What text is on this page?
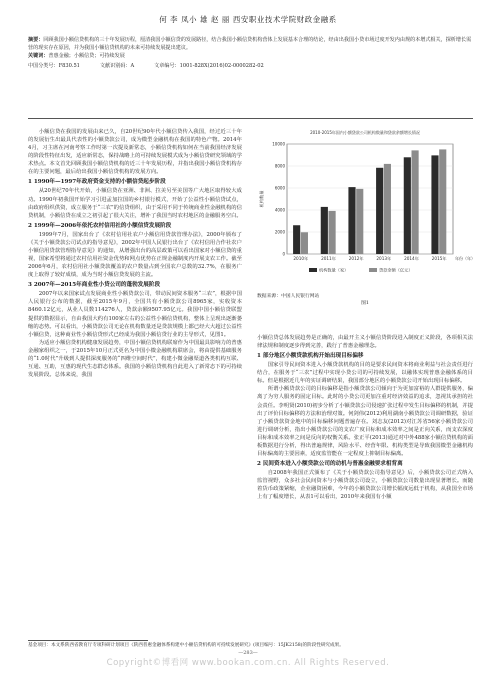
何 李 凤小 雄 赵 丽 西安职业技术学院财政金融系
摘要：回顾我国小额信贷机构的三十年发展历程，厘清我国小额信贷的发展路径，结合我国小额信贷机构营体上发展基本合理的结论，经由出我国小贷市场过度开发内由规的本增式相关，探析增长需营的现实存在原因，并为我国小额信贷机构的未来可持续发展提出建议。
关键词：普惠金融；小额信贷；可持续发展
中国分类号：F830.51	文献识别码：A	文章编号：1001-828X(2016)02-0000282-02

小额信贷在我国的发展由来已久，自20世纪90年代小额信贷传入我国，经过近三十年的发展衍生出最具代表性的小额贷款公司，成为微型金融机构在我国的特色产物。2014年4月，习主席在河南考察工作时第一次提及新常态，小额信贷机构如何在当前我国经济发展的阶段性特征出发，适应新常态，保持战略上的可持续发展模式成为小额信贷研究领域的学术热点。本文首先回顾我国小额信贷机构的近三十年发展历程，并指出我国小额信贷机构存在的主要问题，最后给出我国小额信贷机构的发展方向。

1 1990年—1997年政府资金支持的小额信贷起步阶段

从20世纪70年代开始，小额信贷在亚洲、非洲、拉美另至美国等广大地区取得较大成功。1990年初我国开始学习引进孟加拉国的乡村银行模式，开始了公益性小额信贷试点，由政府组织供资，成立服务于“三农”的信贷组织，由于采用不同于传统商业性金融机构的信贷机制，小额信贷在成立之初引起了很大关注，增补了我国当时农村地区的金融服务空白。

2 1999年—2006年依托农村信用社的小额信贷发展阶段

1999年7月，国家出台了《农村信用社农户小额信用贷款管理办法》，2000年颁布了《关于小额贷款公司试点的指导意见》，2002年中国人民银行出台了《农村信用合作社农户小额信用贷款管理指导意见》的通知，从增强出台的高层政策可以看出国家对小额信贷的重视，国家希望将通过农村信用社资金优势和网点优势在正规金融制度内开展支农工作。截至2006年6月，农村信用社小额贷款覆盖的农户数量占到全国农户总数的32.7%，在服务广度上取得了较好成绩，成为当时小额信贷发展的主流。

3 2007年—2015年商业性小贷公司的蓬勃发展阶段

2007年以来国家试点发展商业性小额贷款公司，带动民间资本服务“三农”，根据中国人民银行公布的数据，截至2015年9月，全国共有小额贷款公司8965家，实收资本8460.12亿元，从业人员数114276人，贷款余额9507.95亿元。我国中国小额信贷联盟提供的数据显示，自由我国大约有100家左右的公益性小额信贷机构，整体上呈现出逐渐萎缩的态势。可以看出，小额贷款公司无论在机构数量还是贷款规模上都已经大大超过公益性小额信贷，这种商业性小额信贷形式已经成为我国小额信贷行业的主导形式，见图1。

为适应小额信贷机构健康发展趋势，中国小额信贷机构联席作为中国最具影响力的普惠金融家组织之一，于2015年10月正式更名为中国小微金融机构联席会，将由提供基础服务的“1.0时代”升级到人提供深度服务的“四维空间时代”，构建小微金融渠道各类机构互联、互通、互助，互惠的现代生态群态体系。我国的小额信贷机构自此进入了新常态下的可持续发展阶段。总体来说，我国

2010-2015年国内小额贷款公司机构数量和贷款余额增长情况
0
2000
4000
6000
8000
10000
机构数量
2010年	2011年	2012年	2013年	2014年	2015年 年份（年）
机构数量（家）	贷款余额（亿元）
数据来源：中国人民银行网站
图1

小额信贷总体发展趋势是正确的，由最开主义小额信贷阶段进入制度正义阶段，各项相关法律法规和制度逐步得到完善，践行了普惠金融理念。

1 部分地区小额贷款机构开始出现目标偏移

国家引导民间资本进入小额贷款机构的目的是要求民间资本将商业利益与社会责任进行结合，在服务于“三农”过程中实现小贷公司的可持续发展，以融体实现普惠金融体系的目标。但是根据近几年的实证调研结果，我国部分地区的小额贷款公司开始出现目标偏移。

所谓小额贷款公司的目标偏移是指小额贷款公司倾向于为更加富裕的人群提供服务，偏离了为穷人服务的固定目标。此时的小贷公司更加注重对经济效益的追求，忽视其承担的社会责任。李明贤(2010)初步分析了小额贷款公司侵速扩张过程中发生目标偏移的机制，并提出了评价目标偏移的方法和治理对策。何剑伟(2012)利用湖南小额贷款公司调研数据，验证了小额贷款资金地中的目标偏移问题普遍存在。刘志友(2012)对江苏省56家小额贷款公司进行调研分析，指出小额贷款公司的支农广度目标和成本效率之间是正向关系，而支农深度目标和成本效率之间是反向的权衡关系。张正平(2013)通过对中外488家小额信贷机构的面板数据进行分析，得出普遍规律，风险水平、经营年限、机构类型是导致我国微型金融机构目标偏离的主要因素，适度监管能在一定程度上抑制目标偏离。

2 民间资本进入小额贷款公司的动机与普惠金融要求相背离

自2008年我国正式颁布了《关于小额贷款公司指导意见》后，小额贷款公司正式纳入监管视野，众多社会民间资本与小额贷款公司设立，小额贷款公司数量出现显著增长。而随着货币政策紧缩，企业融资困难，今年的小额贷款公司增长幅度远低于机构，从我国全市场上有了幅度增长，从表1可以看出，2010年来我国有小额

—283—
基金项目：本文系陕西省教育厅专项科研计划项目《陕西普惠金融体系构建中小额信贷机构的可持续发展研究》(项目编号：15JK2158)的阶段性研究成果。
Copyright©博看网 www.bookan.com.cn. All Rights Reserved.
